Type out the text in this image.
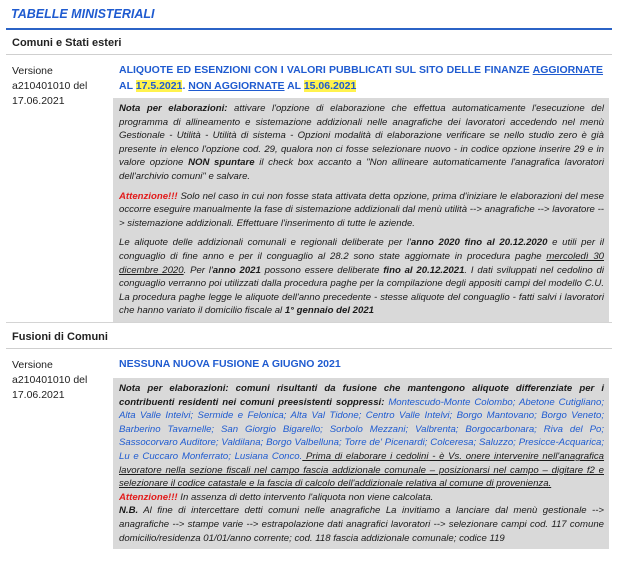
TABELLE MINISTERIALI
Comuni e Stati esteri
Versione
a210401010 del
17.06.2021
ALIQUOTE ED ESENZIONI CON I VALORI PUBBLICATI SUL SITO DELLE FINANZE AGGIORNATE AL 17.5.2021. NON AGGIORNATE AL 15.06.2021

Nota per elaborazioni: attivare l'opzione di elaborazione che effettua automaticamente l'esecuzione del programma di allineamento e sistemazione addizionali nelle anagrafiche dei lavoratori accedendo nel menù Gestionale - Utilità - Utilità di sistema - Opzioni modalità di elaborazione verificare se nello studio zero è già presente in elenco l'opzione cod. 29, qualora non ci fosse selezionare nuovo - in codice opzione inserire 29 e in valore opzione NON spuntare il check box accanto a "Non allineare automaticamente l'anagrafica lavoratori dell'archivio comuni" e salvare.

Attenzione!!! Solo nel caso in cui non fosse stata attivata detta opzione, prima d'iniziare le elaborazioni del mese occorre eseguire manualmente la fase di sistemazione addizionali dal menù utilità --> anagrafiche --> lavoratore --> sistemazione addizionali. Effettuare l'inserimento di tutte le aziende.

Le aliquote delle addizionali comunali e regionali deliberate per l'anno 2020 fino al 20.12.2020 e utili per il conguaglio di fine anno e per il conguaglio al 28.2 sono state aggiornate in procedura paghe mercoledì 30 dicembre 2020. Per l'anno 2021 possono essere deliberate fino al 20.12.2021. I dati sviluppati nel cedolino di conguaglio verranno poi utilizzati dalla procedura paghe per la compilazione degli appositi campi del modello C.U. La procedura paghe legge le aliquote dell'anno precedente - stesse aliquote del conguaglio - fatti salvi i lavoratori che hanno variato il domicilio fiscale al 1° gennaio del 2021

Fusioni di Comuni
Versione
a210401010 del
17.06.2021
NESSUNA NUOVA FUSIONE A GIUGNO 2021

Nota per elaborazioni: comuni risultanti da fusione che mantengono aliquote differenziate per i contribuenti residenti nei comuni preesistenti soppressi: Montescudo-Monte Colombo; Abetone Cutigliano; Alta Valle Intelvi; Sermide e Felonica; Alta Val Tidone; Centro Valle Intelvi; Borgo Mantovano; Borgo Veneto; Barberino Tavarnelle; San Giorgio Bigarello; Sorbolo Mezzani; Valbrenta; Borgocarbonara; Riva del Po; Sassocorvaro Auditore; Valdilana; Borgo Valbelluna; Torre de' Picenardi; Colceresa; Saluzzo; Presicce-Acquarica; Lu e Cuccaro Monferrato; Lusiana Conco. Prima di elaborare i cedolini - è Vs. onere intervenire nell'anagrafica lavoratore nella sezione fiscali nel campo fascia addizionale comunale – posizionarsi nel campo – digitare f2 e selezionare il codice catastale e la fascia di calcolo dell'addizionale relativa al comune di provenienza.

Attenzione!!! In assenza di detto intervento l'aliquota non viene calcolata.

N.B. Al fine di intercettare detti comuni nelle anagrafiche La invitiamo a lanciare dal menù gestionale --> anagrafiche --> stampe varie --> estrapolazione dati anagrafici lavoratori --> selezionare campi cod. 117 comune domicilio/residenza 01/01/anno corrente; cod. 118 fascia addizionale comunale; codice 119
